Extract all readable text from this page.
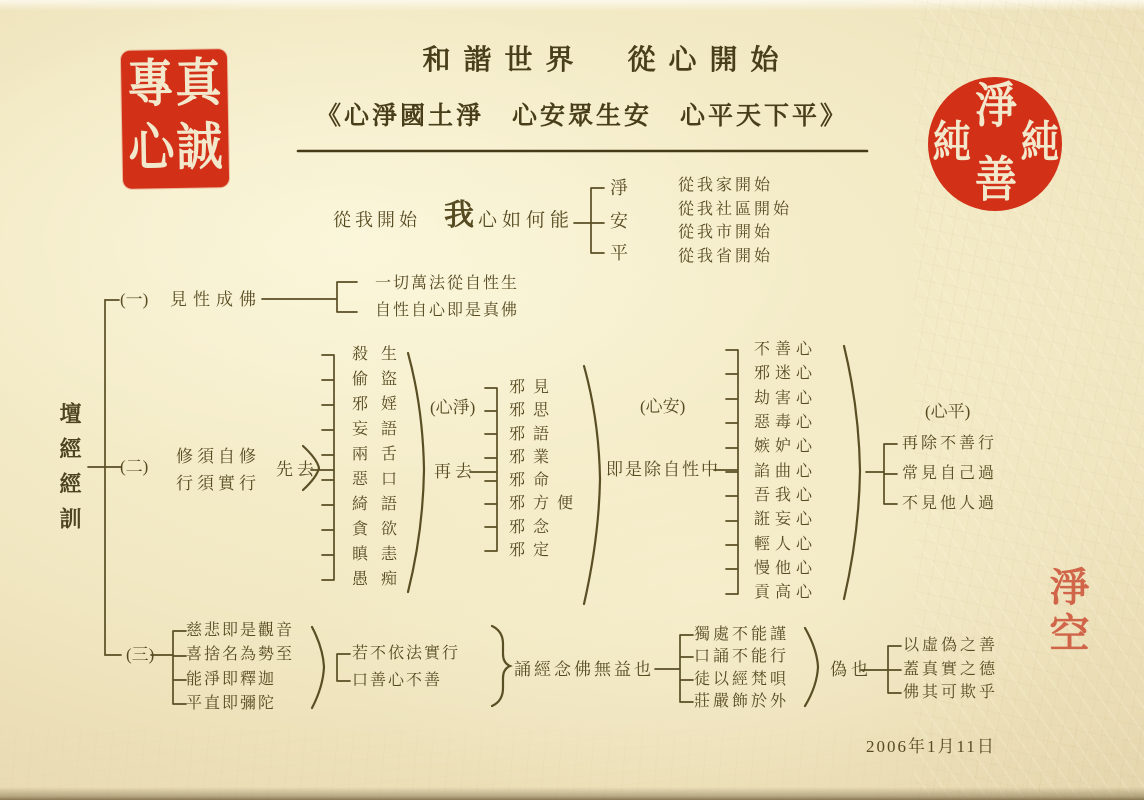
真
誠
專
心
淨
善
純 純
淨空
和諧世界　從心開始
《心淨國土淨　心安眾生安　心平天下平》
從我開始 我 心如何能
淨
安
平
從我家開始
從我社區開始
從我市開始
從我省開始
壇經經訓
(一) 見性成佛
一切萬法從自性生
自性自心即是真佛
(二)
修須自修
行須實行
先去
殺生
偷盜
邪婬
妄語
兩舌
惡口
綺語
貪欲
瞋恚
愚痴
(心淨)
再去
邪見
邪思
邪語
邪業
邪命
邪方便
邪念
邪定
(心安)
即是除自性中
不善心
邪迷心
劫害心
惡毒心
嫉妒心
諂曲心
吾我心
誑妄心
輕人心
慢他心
貢高心
(心平)
再除不善行
常見自己過
不見他人過
(三)
慈悲即是觀音
喜捨名為勢至
能淨即釋迦
平直即彌陀
若不依法實行
口善心不善
誦經念佛無益也
獨處不能謹
口誦不能行
徒以經梵唄
莊嚴飾於外
偽也
以虛偽之善
蓋真實之德
佛其可欺乎
2006年1月11日
